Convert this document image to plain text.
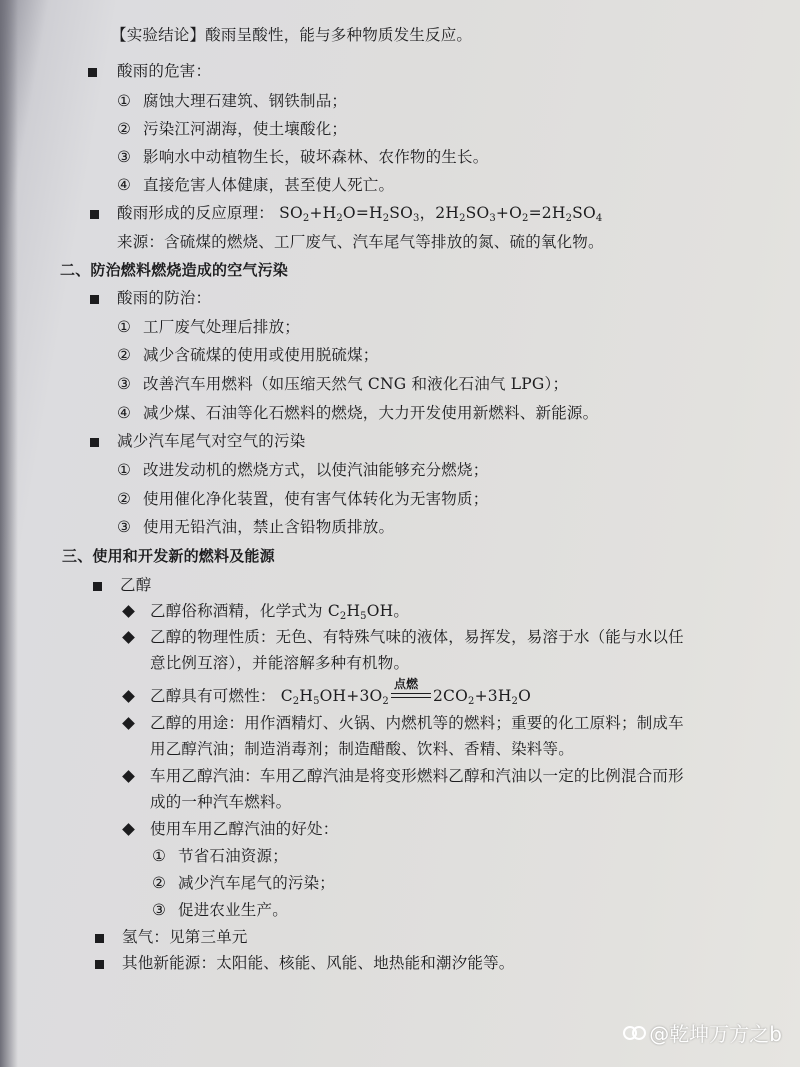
【实验结论】酸雨呈酸性，能与多种物质发生反应。
酸雨的危害：
① 腐蚀大理石建筑、钢铁制品；
② 污染江河湖海，使土壤酸化；
③ 影响水中动植物生长，破坏森林、农作物的生长。
④ 直接危害人体健康，甚至使人死亡。
酸雨形成的反应原理： $SO_2+H_2O=H_2SO_3$，$2H_2SO_3+O_2=2H_2SO_4$
来源：含硫煤的燃烧、工厂废气、汽车尾气等排放的氮、硫的氧化物。
二、防治燃料燃烧造成的空气污染
酸雨的防治：
① 工厂废气处理后排放；
② 减少含硫煤的使用或使用脱硫煤；
③ 改善汽车用燃料（如压缩天然气 CNG 和液化石油气 LPG）；
④ 减少煤、石油等化石燃料的燃烧，大力开发使用新燃料、新能源。
减少汽车尾气对空气的污染
① 改进发动机的燃烧方式，以使汽油能够充分燃烧；
② 使用催化净化装置，使有害气体转化为无害物质；
③ 使用无铅汽油，禁止含铅物质排放。
三、使用和开发新的燃料及能源
乙醇
乙醇俗称酒精，化学式为 $C_2H_5OH$。
乙醇的物理性质：无色、有特殊气味的液体，易挥发，易溶于水（能与水以任
意比例互溶），并能溶解多种有机物。
乙醇具有可燃性： $C_2H_5OH+3O_2$
点燃
$2CO_2+3H_2O$
乙醇的用途：用作酒精灯、火锅、内燃机等的燃料；重要的化工原料；制成车
用乙醇汽油；制造消毒剂；制造醋酸、饮料、香精、染料等。
车用乙醇汽油：车用乙醇汽油是将变形燃料乙醇和汽油以一定的比例混合而形
成的一种汽车燃料。
使用车用乙醇汽油的好处：
① 节省石油资源；
② 减少汽车尾气的污染；
③ 促进农业生产。
氢气：见第三单元
其他新能源：太阳能、核能、风能、地热能和潮汐能等。
@乾坤万方之b
